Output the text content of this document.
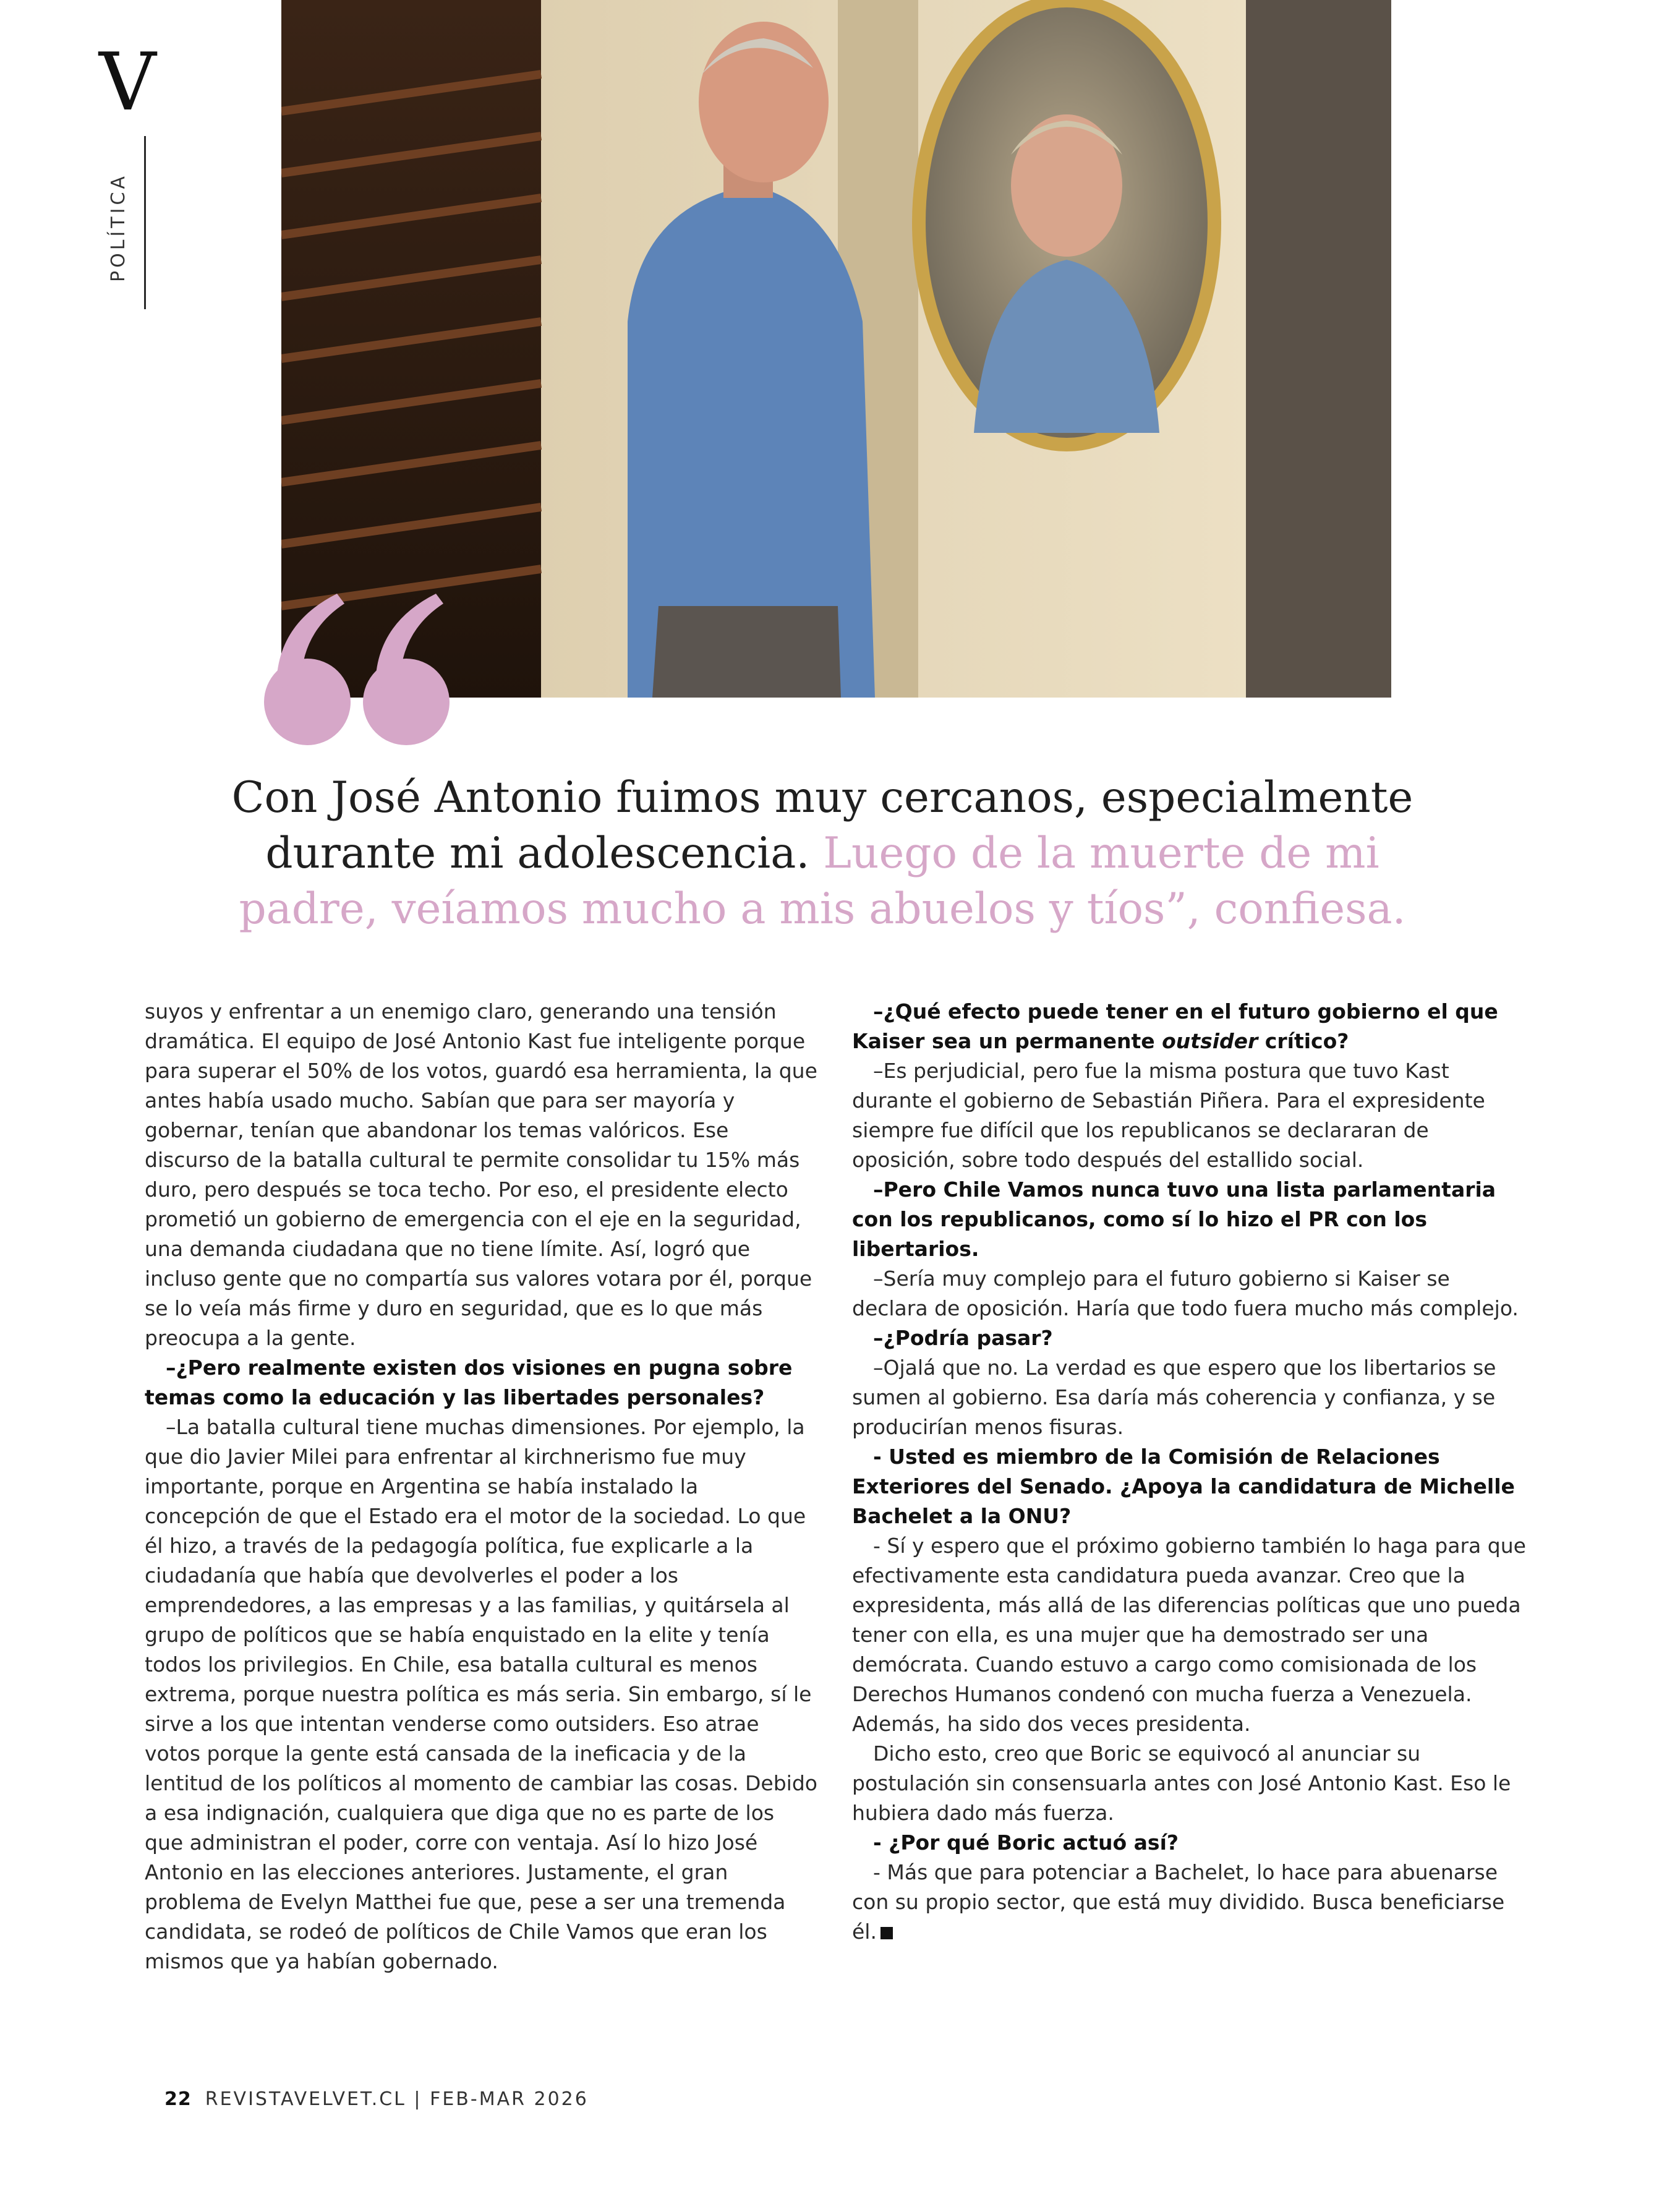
V
POLÍTICA

Con José Antonio fuimos muy cercanos, especialmente durante mi adolescencia. Luego de la muerte de mi padre, veíamos mucho a mis abuelos y tíos”, confiesa.

suyos y enfrentar a un enemigo claro, generando una tensión dramática. El equipo de José Antonio Kast fue inteligente porque para superar el 50% de los votos, guardó esa herramienta, la que antes había usado mucho. Sabían que para ser mayoría y gobernar, tenían que abandonar los temas valóricos. Ese discurso de la batalla cultural te permite consolidar tu 15% más duro, pero después se toca techo. Por eso, el presidente electo prometió un gobierno de emergencia con el eje en la seguridad, una demanda ciudadana que no tiene límite. Así, logró que incluso gente que no compartía sus valores votara por él, porque se lo veía más firme y duro en seguridad, que es lo que más preocupa a la gente.

–¿Pero realmente existen dos visiones en pugna sobre temas como la educación y las libertades personales?

–La batalla cultural tiene muchas dimensiones. Por ejemplo, la que dio Javier Milei para enfrentar al kirchnerismo fue muy importante, porque en Argentina se había instalado la concepción de que el Estado era el motor de la sociedad. Lo que él hizo, a través de la pedagogía política, fue explicarle a la ciudadanía que había que devolverles el poder a los emprendedores, a las empresas y a las familias, y quitársela al grupo de políticos que se había enquistado en la elite y tenía todos los privilegios. En Chile, esa batalla cultural es menos extrema, porque nuestra política es más seria. Sin embargo, sí le sirve a los que intentan venderse como outsiders. Eso atrae votos porque la gente está cansada de la ineficacia y de la lentitud de los políticos al momento de cambiar las cosas. Debido a esa indignación, cualquiera que diga que no es parte de los que administran el poder, corre con ventaja. Así lo hizo José Antonio en las elecciones anteriores. Justamente, el gran problema de Evelyn Matthei fue que, pese a ser una tremenda candidata, se rodeó de políticos de Chile Vamos que eran los mismos que ya habían gobernado.

–¿Qué efecto puede tener en el futuro gobierno el que Kaiser sea un permanente outsider crítico?

–Es perjudicial, pero fue la misma postura que tuvo Kast durante el gobierno de Sebastián Piñera. Para el expresidente siempre fue difícil que los republicanos se declararan de oposición, sobre todo después del estallido social.

–Pero Chile Vamos nunca tuvo una lista parlamentaria con los republicanos, como sí lo hizo el PR con los libertarios.

–Sería muy complejo para el futuro gobierno si Kaiser se declara de oposición. Haría que todo fuera mucho más complejo.

–¿Podría pasar?

–Ojalá que no. La verdad es que espero que los libertarios se sumen al gobierno. Esa daría más coherencia y confianza, y se producirían menos fisuras.

- Usted es miembro de la Comisión de Relaciones Exteriores del Senado. ¿Apoya la candidatura de Michelle Bachelet a la ONU?

- Sí y espero que el próximo gobierno también lo haga para que efectivamente esta candidatura pueda avanzar. Creo que la expresidenta, más allá de las diferencias políticas que uno pueda tener con ella, es una mujer que ha demostrado ser una demócrata. Cuando estuvo a cargo como comisionada de los Derechos Humanos condenó con mucha fuerza a Venezuela. Además, ha sido dos veces presidenta.

Dicho esto, creo que Boric se equivocó al anunciar su postulación sin consensuarla antes con José Antonio Kast. Eso le hubiera dado más fuerza.

- ¿Por qué Boric actuó así?

- Más que para potenciar a Bachelet, lo hace para abuenarse con su propio sector, que está muy dividido. Busca beneficiarse él.

22 REVISTAVELVET.CL | FEB-MAR 2026
